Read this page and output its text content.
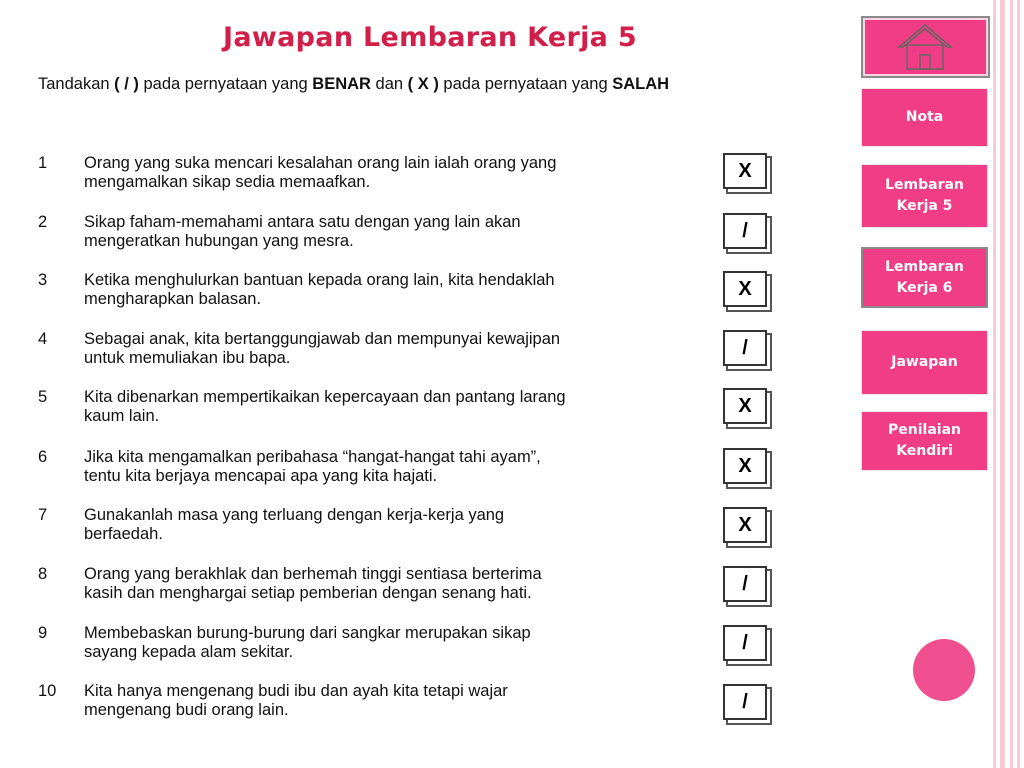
Jawapan Lembaran Kerja 5
Tandakan ( / ) pada pernyataan yang BENAR dan ( X ) pada pernyataan yang SALAH
1 Orang yang suka mencari kesalahan orang lain ialah orang yang
mengamalkan sikap sedia memaafkan.	X
2 Sikap faham-memahami antara satu dengan yang lain akan
mengeratkan hubungan yang mesra.	/
3 Ketika menghulurkan bantuan kepada orang lain, kita hendaklah
mengharapkan balasan.	X
4 Sebagai anak, kita bertanggungjawab dan mempunyai kewajipan
untuk memuliakan ibu bapa.	/
5 Kita dibenarkan mempertikaikan kepercayaan dan pantang larang
kaum lain.	X
6 Jika kita mengamalkan peribahasa “hangat-hangat tahi ayam”,
tentu kita berjaya mencapai apa yang kita hajati.	X
7 Gunakanlah masa yang terluang dengan kerja-kerja yang
berfaedah.	X
8 Orang yang berakhlak dan berhemah tinggi sentiasa berterima
kasih dan menghargai setiap pemberian dengan senang hati.	/
9 Membebaskan burung-burung dari sangkar merupakan sikap
sayang kepada alam sekitar.	/
10 Kita hanya mengenang budi ibu dan ayah kita tetapi wajar
mengenang budi orang lain.	/
Nota
Lembaran
Kerja 5
Lembaran
Kerja 6
Jawapan
Penilaian
Kendiri
